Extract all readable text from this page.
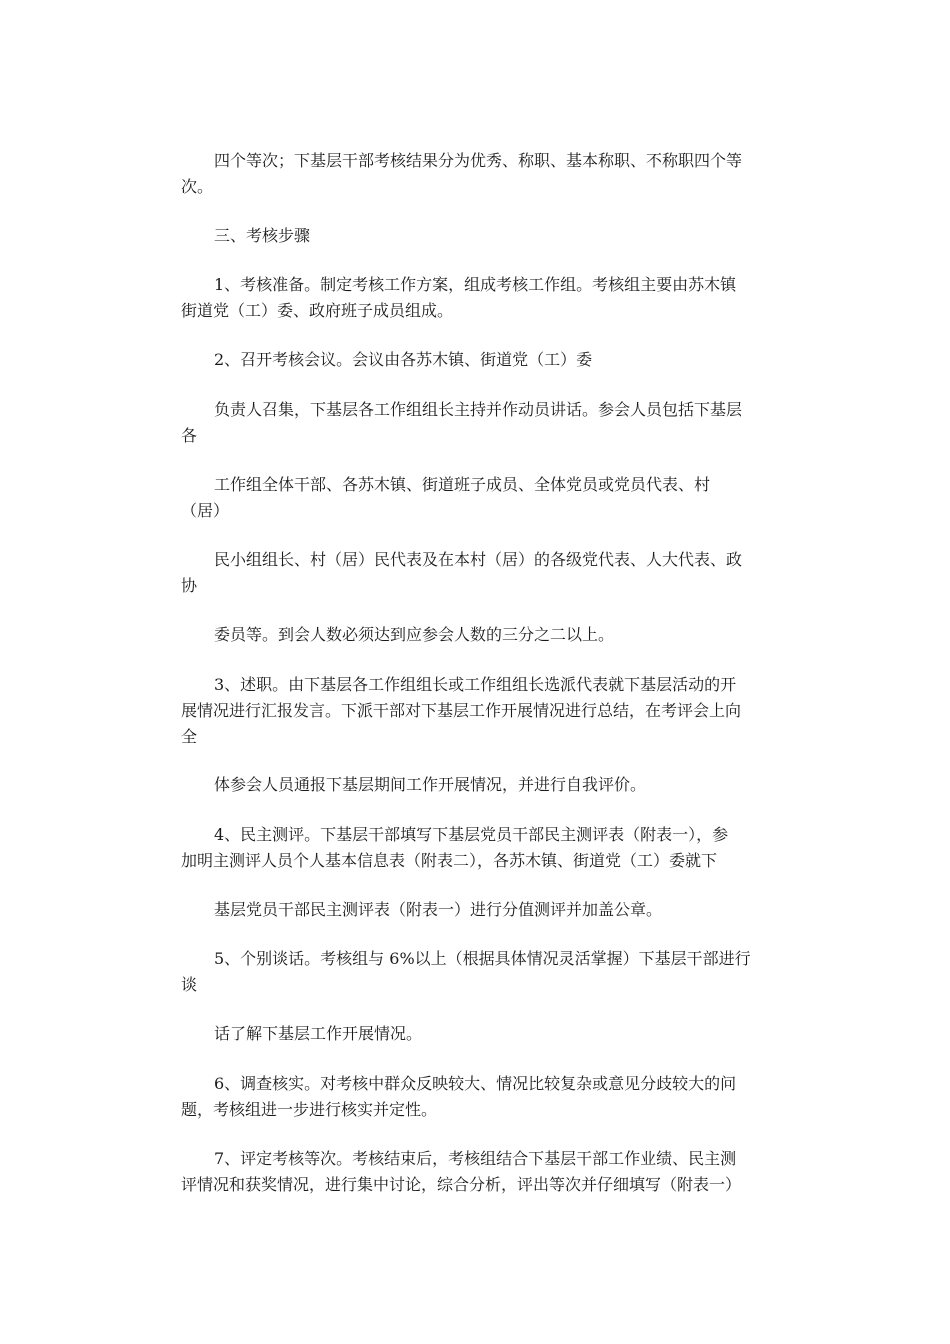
四个等次；下基层干部考核结果分为优秀、称职、基本称职、不称职四个等
次。

三、考核步骤

1、考核准备。制定考核工作方案，组成考核工作组。考核组主要由苏木镇
街道党（工）委、政府班子成员组成。

2、召开考核会议。会议由各苏木镇、街道党（工）委

负责人召集，下基层各工作组组长主持并作动员讲话。参会人员包括下基层
各

工作组全体干部、各苏木镇、街道班子成员、全体党员或党员代表、村
（居）

民小组组长、村（居）民代表及在本村（居）的各级党代表、人大代表、政
协

委员等。到会人数必须达到应参会人数的三分之二以上。

3、述职。由下基层各工作组组长或工作组组长选派代表就下基层活动的开
展情况进行汇报发言。下派干部对下基层工作开展情况进行总结，在考评会上向
全

体参会人员通报下基层期间工作开展情况，并进行自我评价。

4、民主测评。下基层干部填写下基层党员干部民主测评表（附表一），参
加明主测评人员个人基本信息表（附表二），各苏木镇、街道党（工）委就下

基层党员干部民主测评表（附表一）进行分值测评并加盖公章。

5、个别谈话。考核组与 6%以上（根据具体情况灵活掌握）下基层干部进行
谈

话了解下基层工作开展情况。

6、调查核实。对考核中群众反映较大、情况比较复杂或意见分歧较大的问
题，考核组进一步进行核实并定性。

7、评定考核等次。考核结束后，考核组结合下基层干部工作业绩、民主测
评情况和获奖情况，进行集中讨论，综合分析，评出等次并仔细填写（附表一）
